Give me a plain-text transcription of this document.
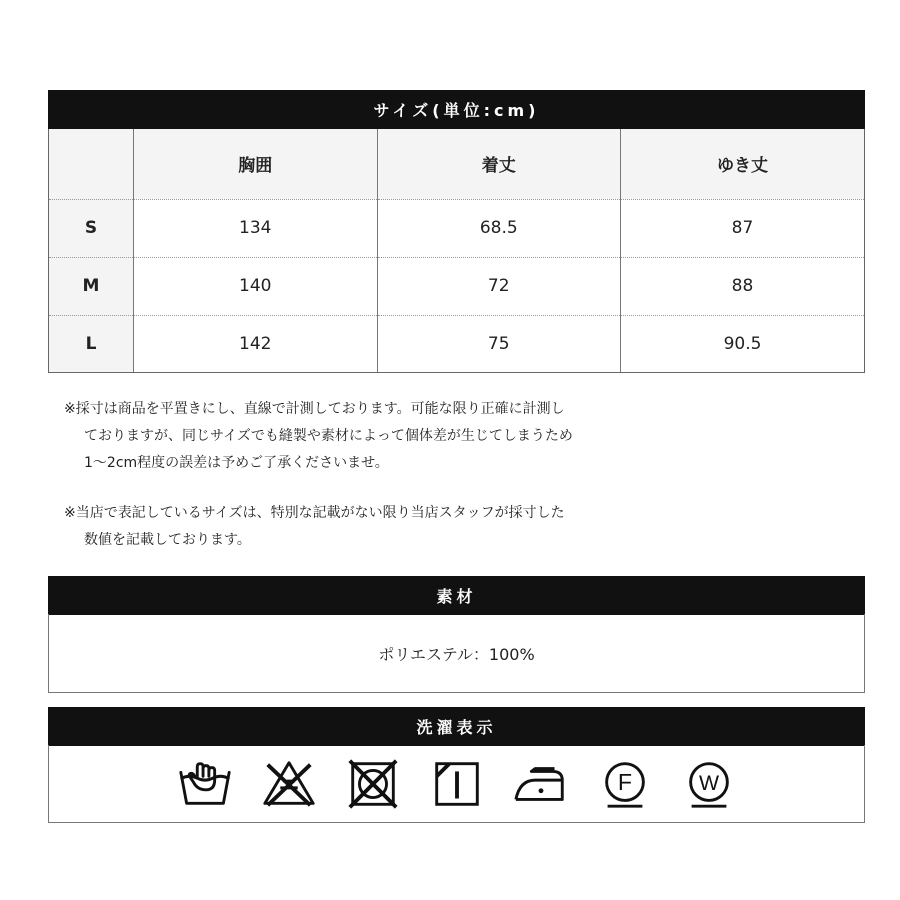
サイズ(単位:cm)
	胸囲	着丈	ゆき丈
S	134	68.5	87
M	140	72	88
L	142	75	90.5

※採寸は商品を平置きにし、直線で計測しております。可能な限り正確に計測し

ておりますが、同じサイズでも縫製や素材によって個体差が生じてしまうため

1〜2cm程度の誤差は予めご了承くださいませ。

※当店で表記しているサイズは、特別な記載がない限り当店スタッフが採寸した

数値を記載しております。

素材
ポリエステル：100%
洗濯表示
F	W
